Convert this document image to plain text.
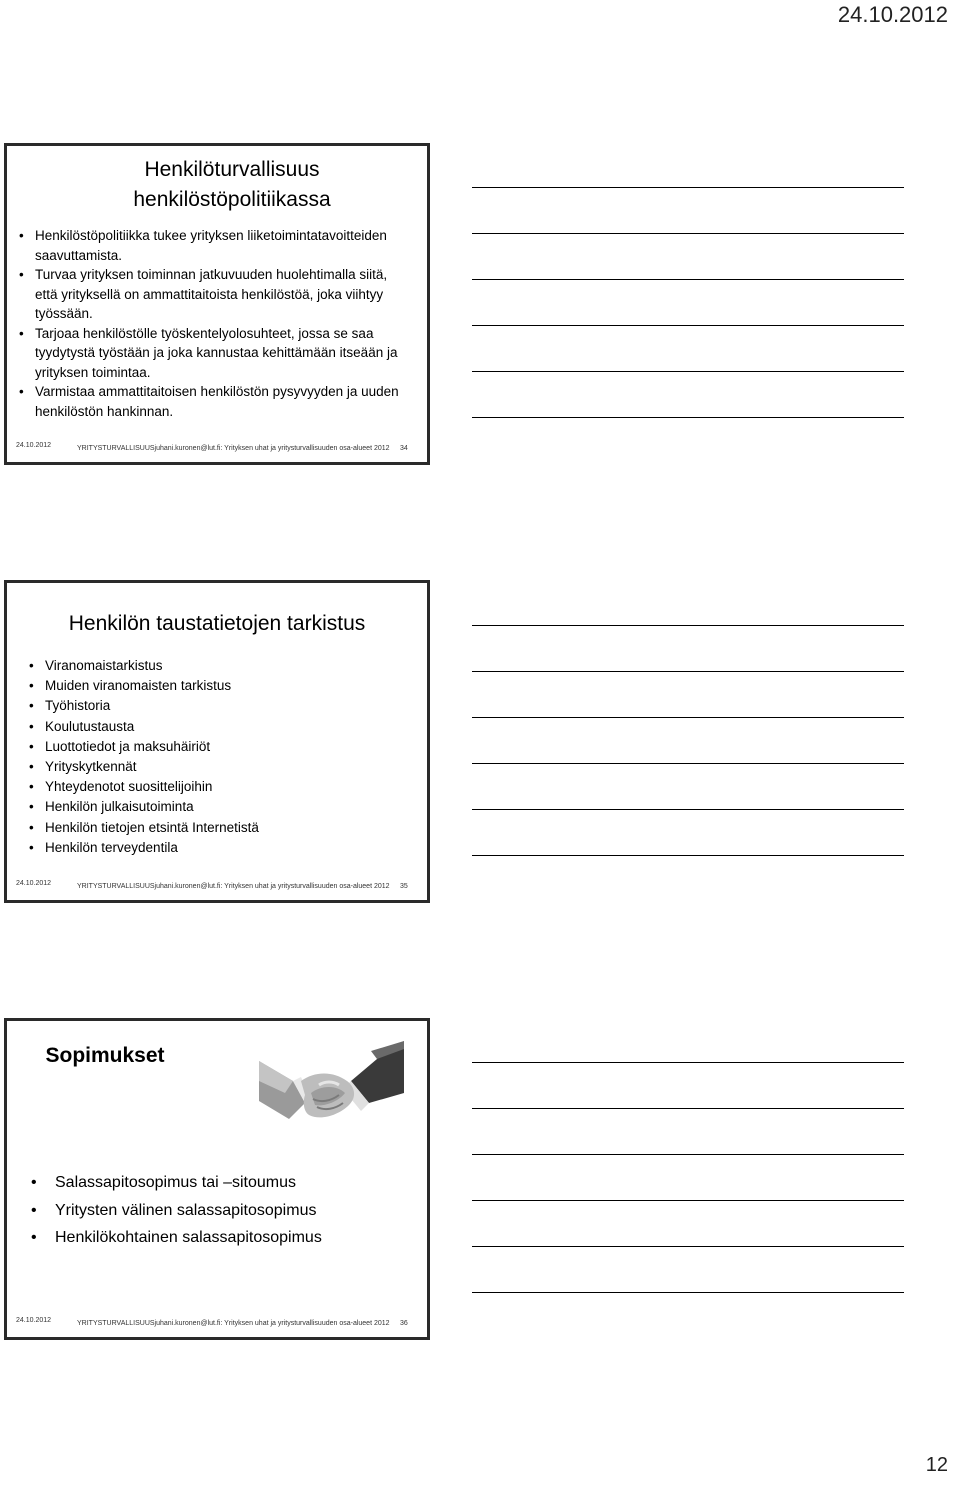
24.10.2012
Henkilöturvallisuus henkilöstöpolitiikassa
• Henkilöstöpolitiikka tukee yrityksen liiketoimintatavoitteiden saavuttamista.
• Turvaa yrityksen toiminnan jatkuvuuden huolehtimalla siitä, että yrityksellä on ammattitaitoista henkilöstöä, joka viihtyy työssään.
• Tarjoaa henkilöstölle työskentelyolosuhteet, jossa se saa tyydytystä työstään ja joka kannustaa kehittämään itseään ja yrityksen toimintaa.
• Varmistaa ammattitaitoisen henkilöstön pysyvyyden ja uuden henkilöstön hankinnan.
24.10.2012	YRITYSTURVALLISUUSjuhani.kuronen@lut.fi: Yrityksen uhat ja yritysturvallisuuden osa-alueet 2012 34
Henkilön taustatietojen tarkistus
• Viranomaistarkistus
• Muiden viranomaisten tarkistus
• Työhistoria
• Koulutustausta
• Luottotiedot ja maksuhäiriöt
• Yrityskytkennät
• Yhteydenotot suosittelijoihin
• Henkilön julkaisutoiminta
• Henkilön tietojen etsintä Internetistä
• Henkilön terveydentila
24.10.2012	YRITYSTURVALLISUUSjuhani.kuronen@lut.fi: Yrityksen uhat ja yritysturvallisuuden osa-alueet 2012 35
Sopimukset
• Salassapitosopimus tai –sitoumus
• Yritysten välinen salassapitosopimus
• Henkilökohtainen salassapitosopimus
24.10.2012	YRITYSTURVALLISUUSjuhani.kuronen@lut.fi: Yrityksen uhat ja yritysturvallisuuden osa-alueet 2012 36
12
